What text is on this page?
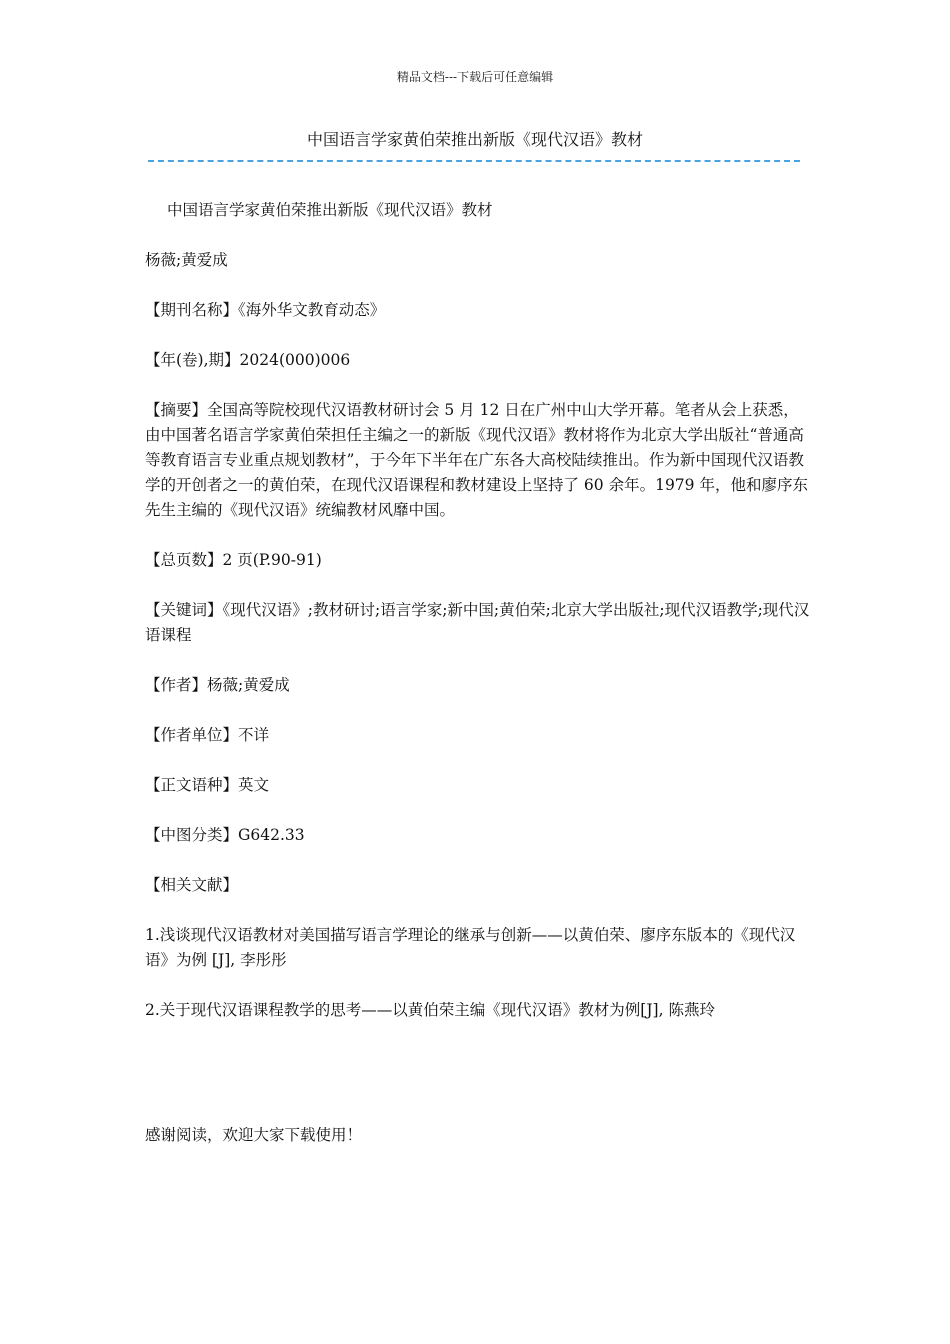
精品文档---下载后可任意编辑
中国语言学家黄伯荣推出新版《现代汉语》教材

中国语言学家黄伯荣推出新版《现代汉语》教材

杨薇;黄爱成

【期刊名称】《海外华文教育动态》

【年(卷),期】2024(000)006

【摘要】全国高等院校现代汉语教材研讨会 5 月 12 日在广州中山大学开幕。笔者从会上获悉，由中国著名语言学家黄伯荣担任主编之一的新版《现代汉语》教材将作为北京大学出版社“普通高等教育语言专业重点规划教材”，于今年下半年在广东各大高校陆续推出。作为新中国现代汉语教学的开创者之一的黄伯荣，在现代汉语课程和教材建设上坚持了 60 余年。1979 年，他和廖序东先生主编的《现代汉语》统编教材风靡中国。

【总页数】2 页(P.90-91)

【关键词】《现代汉语》;教材研讨;语言学家;新中国;黄伯荣;北京大学出版社;现代汉语教学;现代汉语课程

【作者】杨薇;黄爱成

【作者单位】不详

【正文语种】英文

【中图分类】G642.33

【相关文献】

1.浅谈现代汉语教材对美国描写语言学理论的继承与创新——以黄伯荣、廖序东版本的《现代汉语》为例 [J], 李彤彤

2.关于现代汉语课程教学的思考——以黄伯荣主编《现代汉语》教材为例[J], 陈燕玲

感谢阅读，欢迎大家下载使用！
